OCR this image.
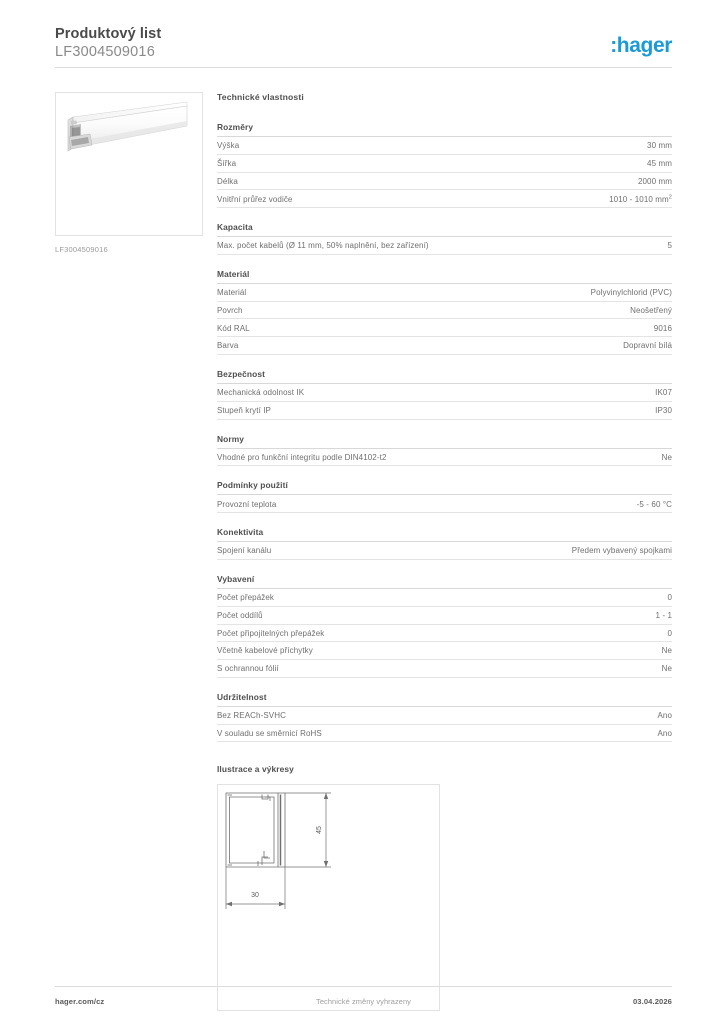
Produktový list
LF3004509016	:hager
LF3004509016
Technické vlastnosti
Rozměry
Výška	30 mm
Šířka	45 mm
Délka	2000 mm
Vnitřní průřez vodiče	1010 - 1010 $mm^2$
Kapacita
Max. počet kabelů (Ø 11 mm, 50% naplnění, bez zařízení)	5
Materiál
Materiál	Polyvinylchlorid (PVC)
Povrch	Neošetřený
Kód RAL	9016
Barva	Dopravní bílá
Bezpečnost
Mechanická odolnost IK	IK07
Stupeň krytí IP	IP30
Normy
Vhodné pro funkční integritu podle DIN4102-t2	Ne
Podmínky použití
Provozní teplota	-5 - 60 °C
Konektivita
Spojení kanálu	Předem vybavený spojkami
Vybavení
Počet přepážek	0
Počet oddílů	1 - 1
Počet připojitelných přepážek	0
Včetně kabelové příchytky	Ne
S ochrannou fólií	Ne
Udržitelnost
Bez REACh-SVHC	Ano
V souladu se směrnicí RoHS	Ano
Ilustrace a výkresy
45
30
hager.com/cz	Technické změny vyhrazeny	03.04.2026
